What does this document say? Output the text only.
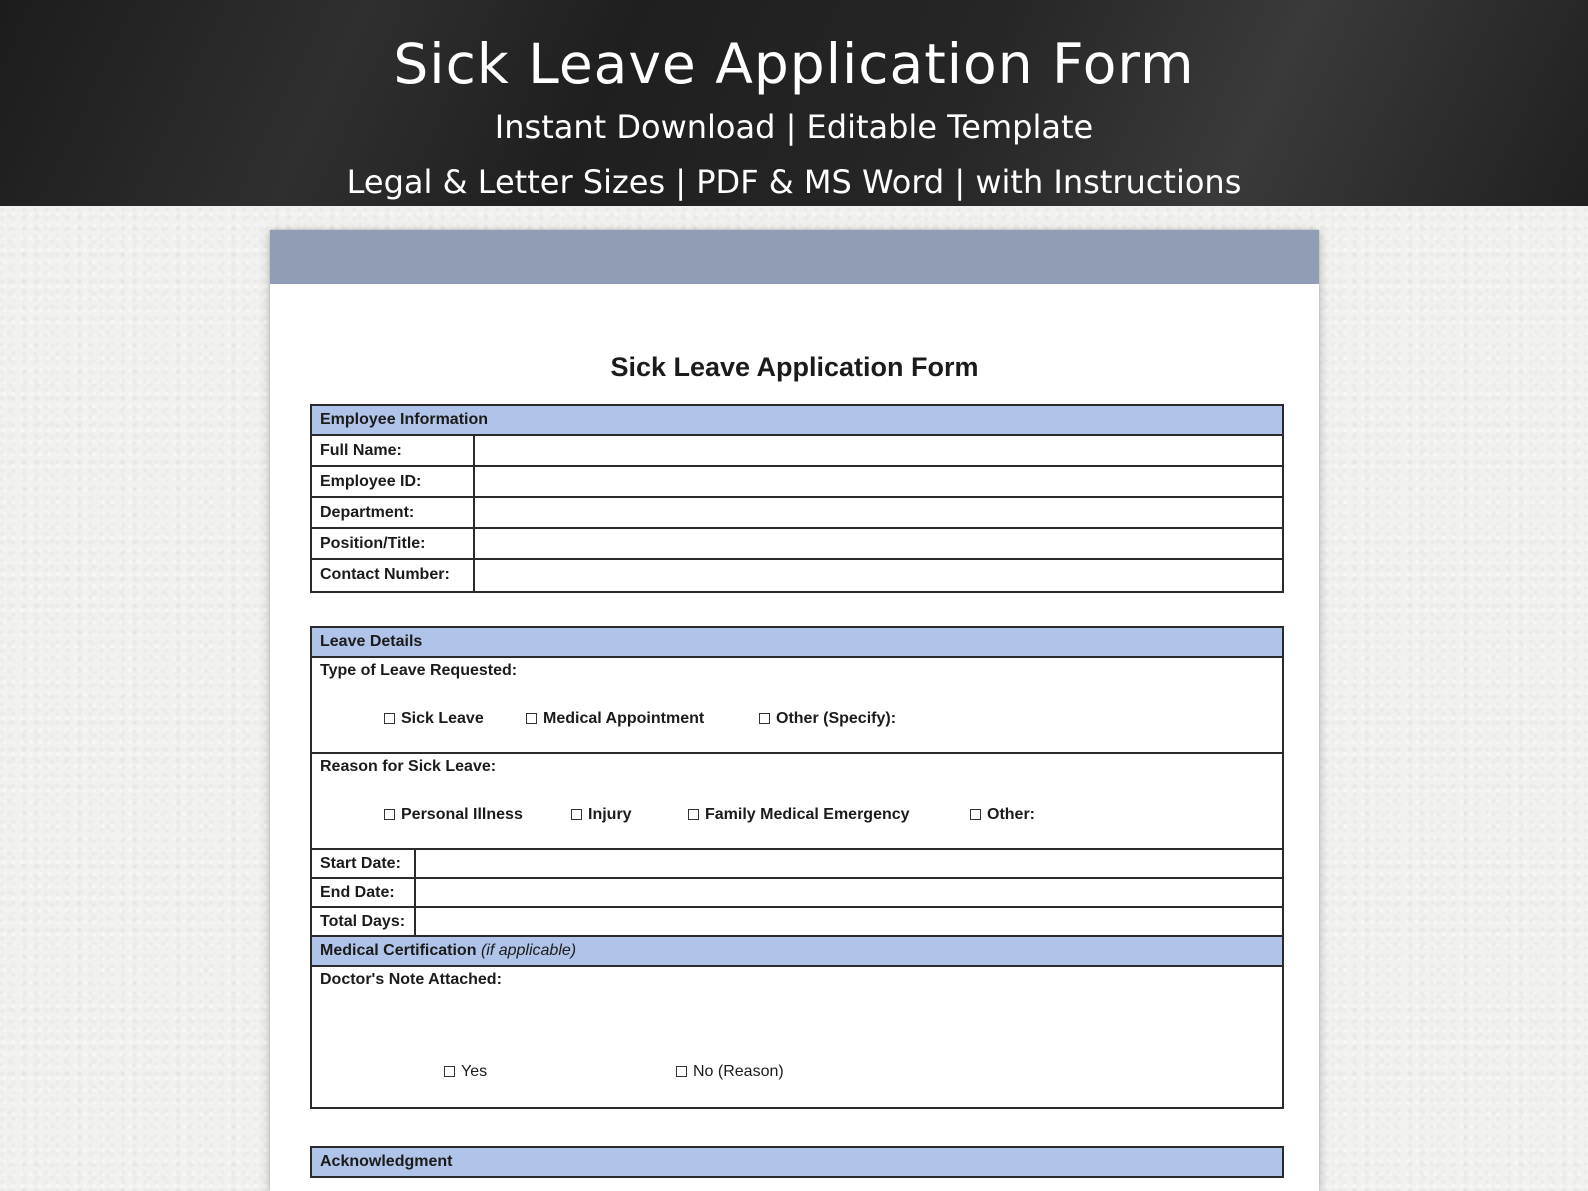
Sick Leave Application Form
Instant Download | Editable Template
Legal & Letter Sizes | PDF & MS Word | with Instructions
Sick Leave Application Form
Employee Information
Full Name:
Employee ID:
Department:
Position/Title:
Contact Number:
Leave Details
Type of Leave Requested:
Sick Leave	Medical Appointment	Other (Specify):
Reason for Sick Leave:
Personal Illness	Injury	Family Medical Emergency	Other:
Start Date:
End Date:
Total Days:
Medical Certification (if applicable)
Doctor's Note Attached:
Yes	No (Reason)
Acknowledgment
